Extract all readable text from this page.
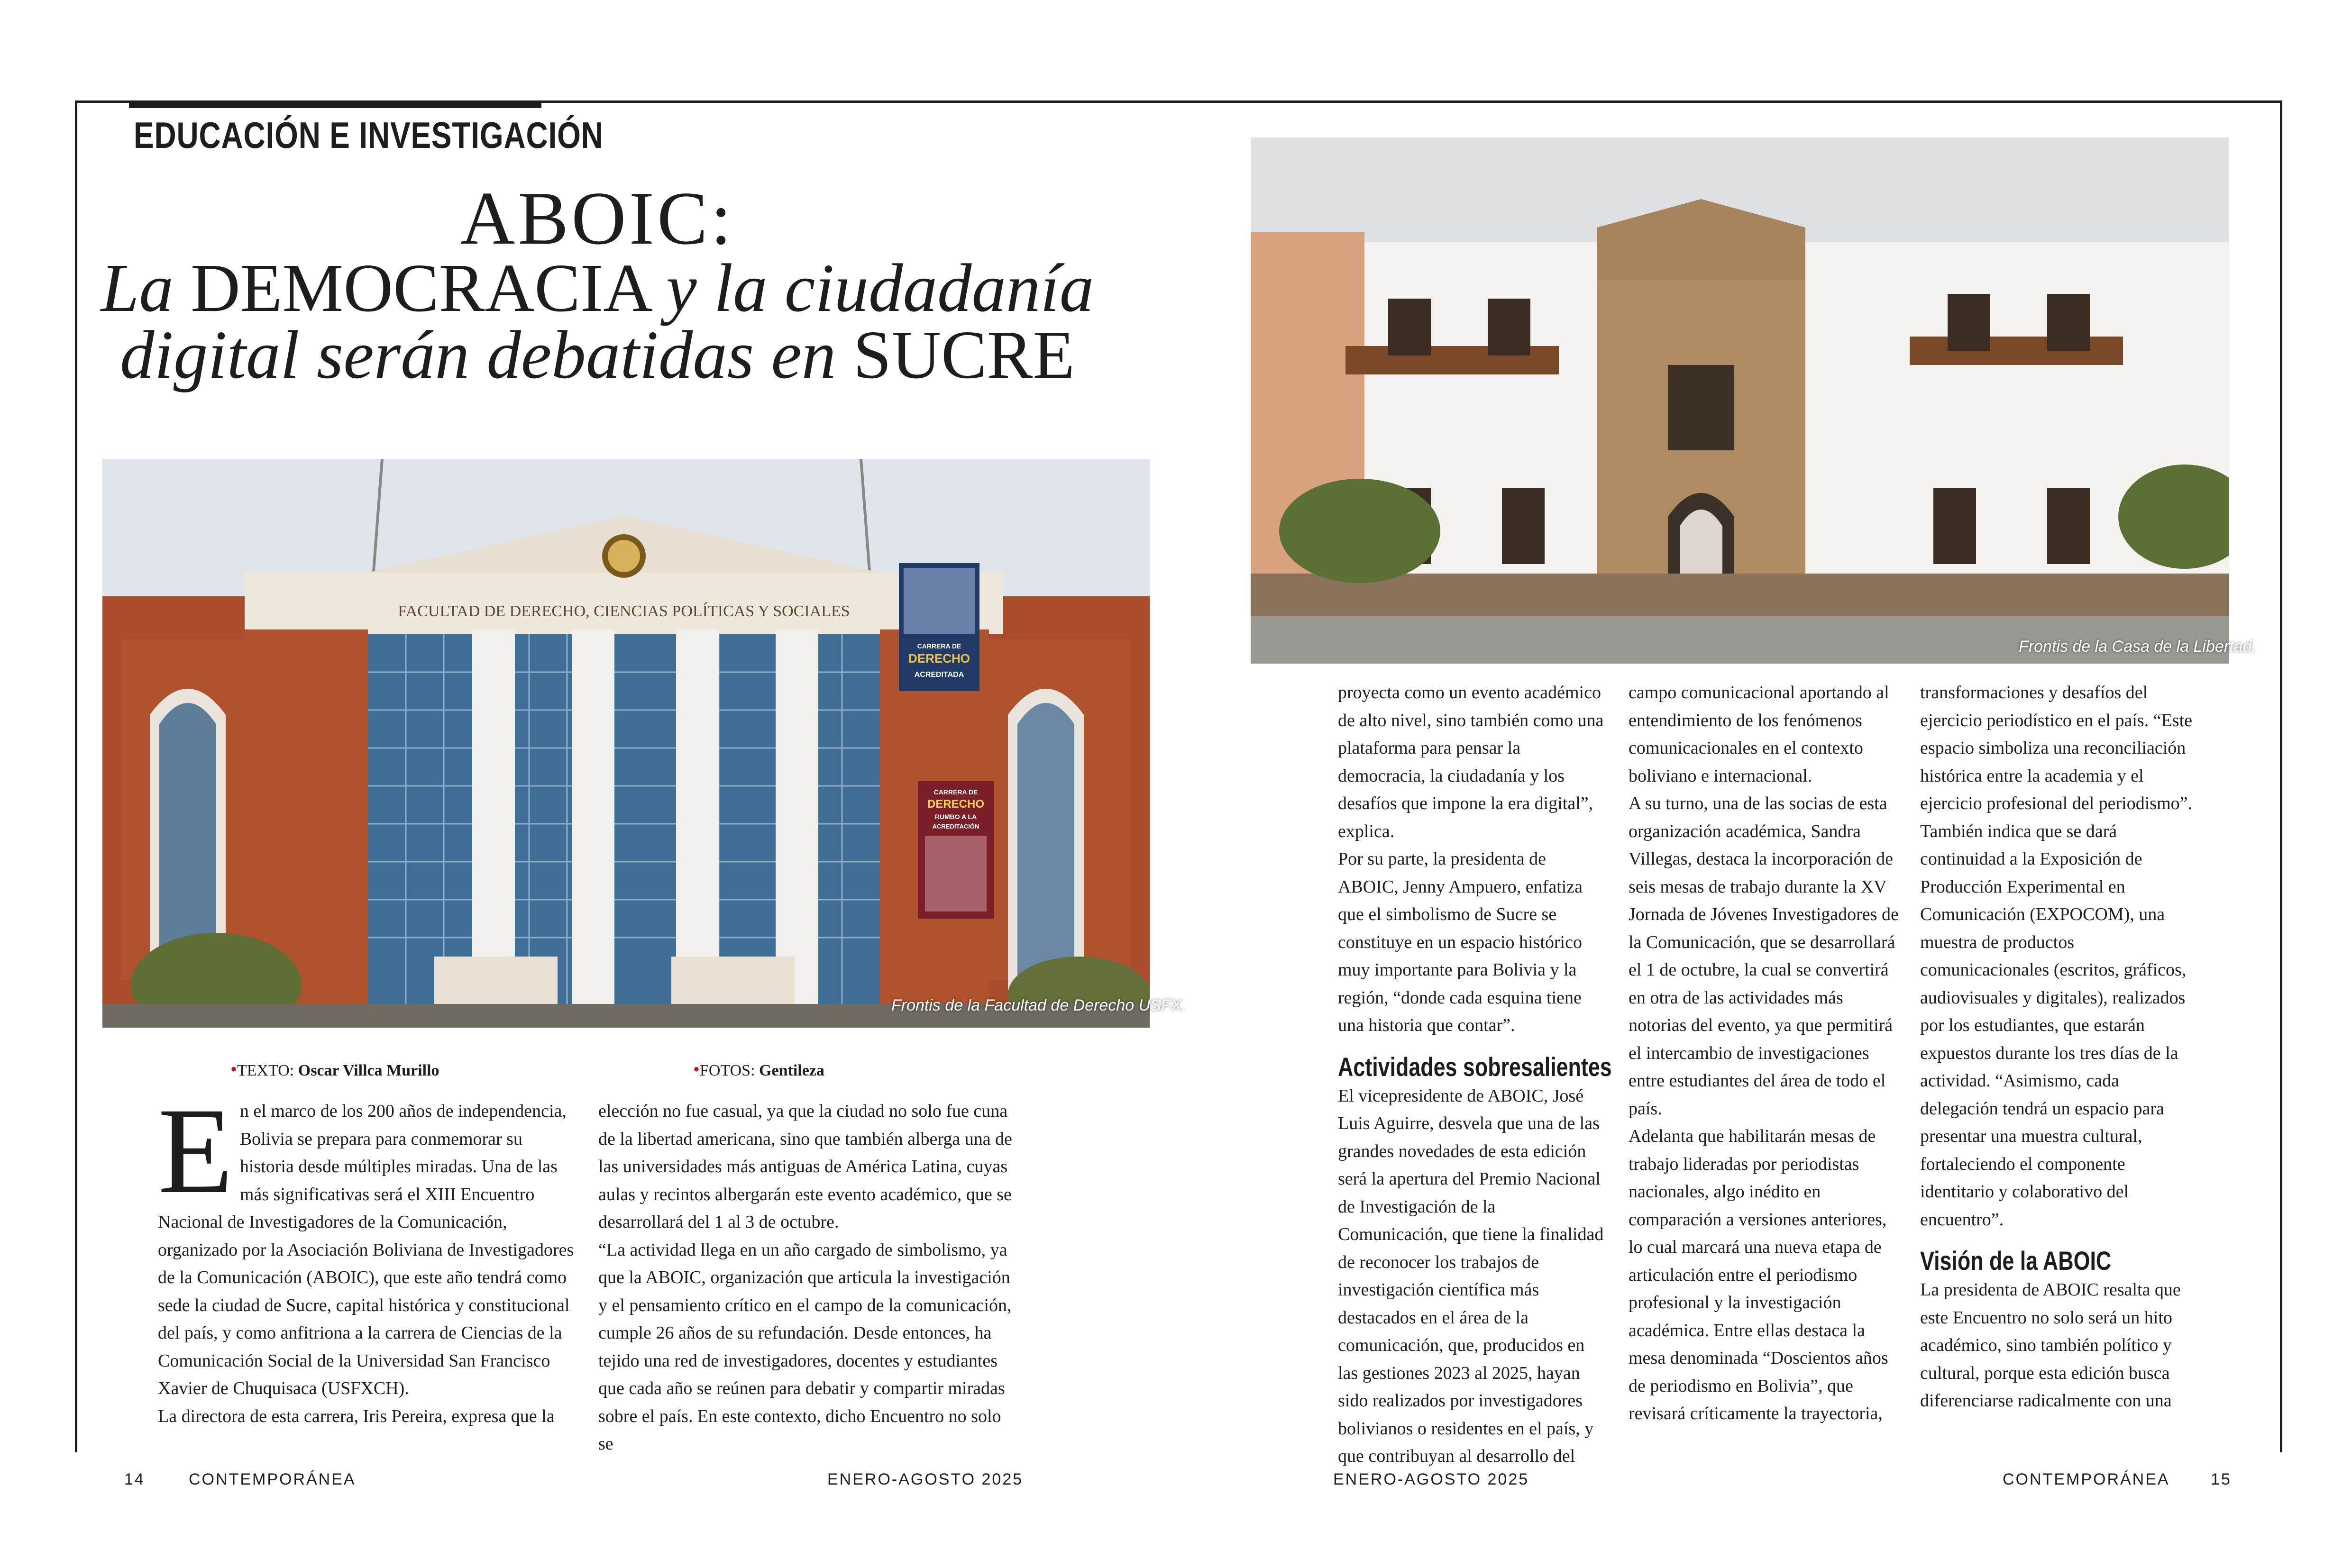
EDUCACIÓN E INVESTIGACIÓN
ABOIC:
La DEMOCRACIA y la ciudadanía
digital serán debatidas en SUCRE
FACULTAD DE DERECHO, CIENCIAS POLÍTICAS Y SOCIALES
CARRERA DE
DERECHO
ACREDITADA
CARRERA DE
DERECHO
RUMBO A LA
ACREDITACIÓN
Frontis de la Facultad de Derecho USFX.
Frontis de la Casa de la Libertad.
•TEXTO: Oscar Villca Murillo	•FOTOS: Gentileza
E n el marco de los 200 años de independencia, Bolivia se prepara para conmemorar su historia desde múltiples miradas. Una de las más significativas será el XIII Encuentro Nacional de Investigadores de la Comunicación, organizado por la Asociación Boliviana de Investigadores de la Comunicación (ABOIC), que este año tendrá como sede la ciudad de Sucre, capital histórica y constitucional del país, y como anfitriona a la carrera de Ciencias de la Comunicación Social de la Universidad San Francisco Xavier de Chuquisaca (USFXCH).

La directora de esta carrera, Iris Pereira, expresa que la

elección no fue casual, ya que la ciudad no solo fue cuna de la libertad americana, sino que también alberga una de las universidades más antiguas de América Latina, cuyas aulas y recintos albergarán este evento académico, que se desarrollará del 1 al 3 de octubre.

“La actividad llega en un año cargado de simbolismo, ya que la ABOIC, organización que articula la investigación y el pensamiento crítico en el campo de la comunicación, cumple 26 años de su refundación. Desde entonces, ha tejido una red de investigadores, docentes y estudiantes que cada año se reúnen para debatir y compartir miradas sobre el país. En este contexto, dicho Encuentro no solo se

proyecta como un evento académico de alto nivel, sino también como una plataforma para pensar la democracia, la ciudadanía y los desafíos que impone la era digital”, explica.

Por su parte, la presidenta de ABOIC, Jenny Ampuero, enfatiza que el simbolismo de Sucre se constituye en un espacio histórico muy importante para Bolivia y la región, “donde cada esquina tiene una historia que contar”.

Actividades sobresalientes

El vicepresidente de ABOIC, José Luis Aguirre, desvela que una de las grandes novedades de esta edición será la apertura del Premio Nacional de Investigación de la Comunicación, que tiene la finalidad de reconocer los trabajos de investigación científica más destacados en el área de la comunicación, que, producidos en las gestiones 2023 al 2025, hayan sido realizados por investigadores bolivianos o residentes en el país, y que contribuyan al desarrollo del

campo comunicacional aportando al entendimiento de los fenómenos comunicacionales en el contexto boliviano e internacional.

A su turno, una de las socias de esta organización académica, Sandra Villegas, destaca la incorporación de seis mesas de trabajo durante la XV Jornada de Jóvenes Investigadores de la Comunicación, que se desarrollará el 1 de octubre, la cual se convertirá en otra de las actividades más notorias del evento, ya que permitirá el intercambio de investigaciones entre estudiantes del área de todo el país.

Adelanta que habilitarán mesas de trabajo lideradas por periodistas nacionales, algo inédito en comparación a versiones anteriores, lo cual marcará una nueva etapa de articulación entre el periodismo profesional y la investigación académica. Entre ellas destaca la mesa denominada “Doscientos años de periodismo en Bolivia”, que revisará críticamente la trayectoria,

transformaciones y desafíos del ejercicio periodístico en el país. “Este espacio simboliza una reconciliación histórica entre la academia y el ejercicio profesional del periodismo”.

También indica que se dará continuidad a la Exposición de Producción Experimental en Comunicación (EXPOCOM), una muestra de productos comunicacionales (escritos, gráficos, audiovisuales y digitales), realizados por los estudiantes, que estarán expuestos durante los tres días de la actividad. “Asimismo, cada delegación tendrá un espacio para presentar una muestra cultural, fortaleciendo el componente identitario y colaborativo del encuentro”.

Visión de la ABOIC

La presidenta de ABOIC resalta que este Encuentro no solo será un hito académico, sino también político y cultural, porque esta edición busca diferenciarse radicalmente con una

14	CONTEMPORÁNEA	ENERO-AGOSTO 2025	ENERO-AGOSTO 2025	CONTEMPORÁNEA	15
